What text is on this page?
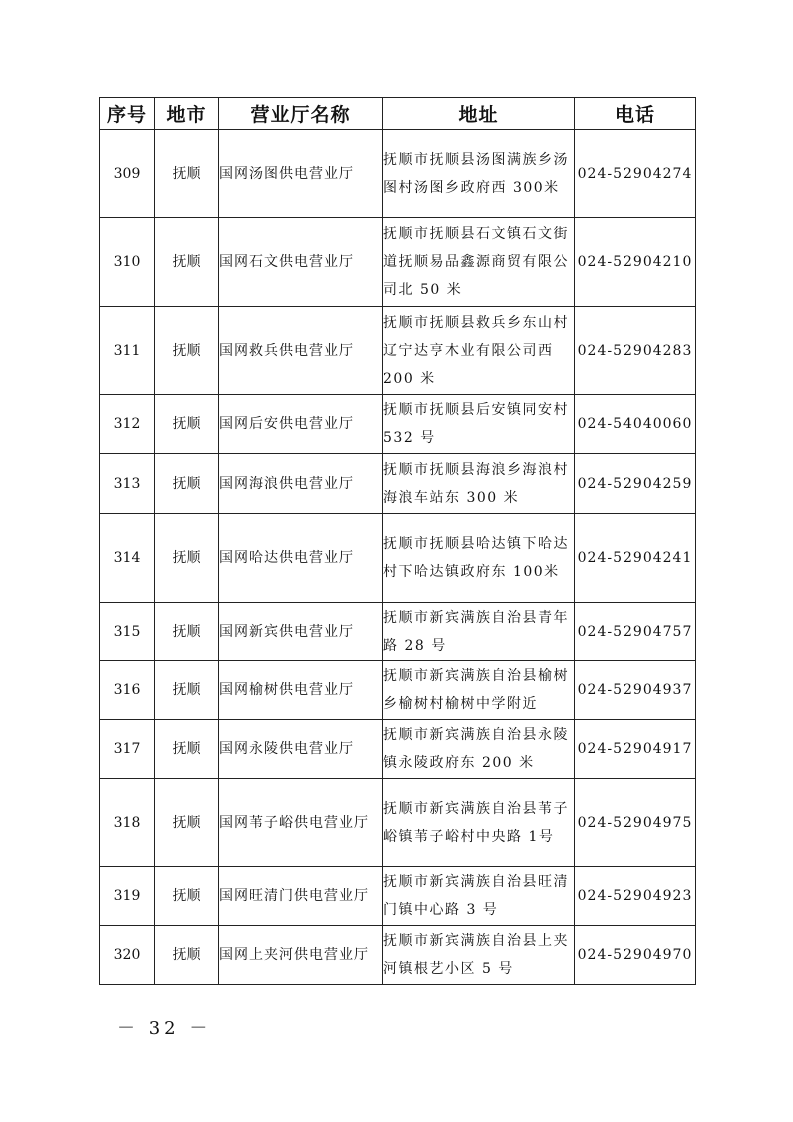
序号	地市	营业厅名称	地址	电话
309	抚顺	国网汤图供电营业厅	抚顺市抚顺县汤图满族乡汤图村汤图乡政府西 300米	024-52904274
310	抚顺	国网石文供电营业厅	抚顺市抚顺县石文镇石文街道抚顺易品鑫源商贸有限公司北 50 米	024-52904210
311	抚顺	国网救兵供电营业厅	抚顺市抚顺县救兵乡东山村辽宁达亨木业有限公司西 200 米	024-52904283
312	抚顺	国网后安供电营业厅	抚顺市抚顺县后安镇同安村 532 号	024-54040060
313	抚顺	国网海浪供电营业厅	抚顺市抚顺县海浪乡海浪村海浪车站东 300 米	024-52904259
314	抚顺	国网哈达供电营业厅	抚顺市抚顺县哈达镇下哈达村下哈达镇政府东 100米	024-52904241
315	抚顺	国网新宾供电营业厅	抚顺市新宾满族自治县青年路 28 号	024-52904757
316	抚顺	国网榆树供电营业厅	抚顺市新宾满族自治县榆树乡榆树村榆树中学附近	024-52904937
317	抚顺	国网永陵供电营业厅	抚顺市新宾满族自治县永陵镇永陵政府东 200 米	024-52904917
318	抚顺	国网苇子峪供电营业厅	抚顺市新宾满族自治县苇子峪镇苇子峪村中央路 1号	024-52904975
319	抚顺	国网旺清门供电营业厅	抚顺市新宾满族自治县旺清门镇中心路 3 号	024-52904923
320	抚顺	国网上夹河供电营业厅	抚顺市新宾满族自治县上夹河镇根艺小区 5 号	024-52904970
－ 32 －
